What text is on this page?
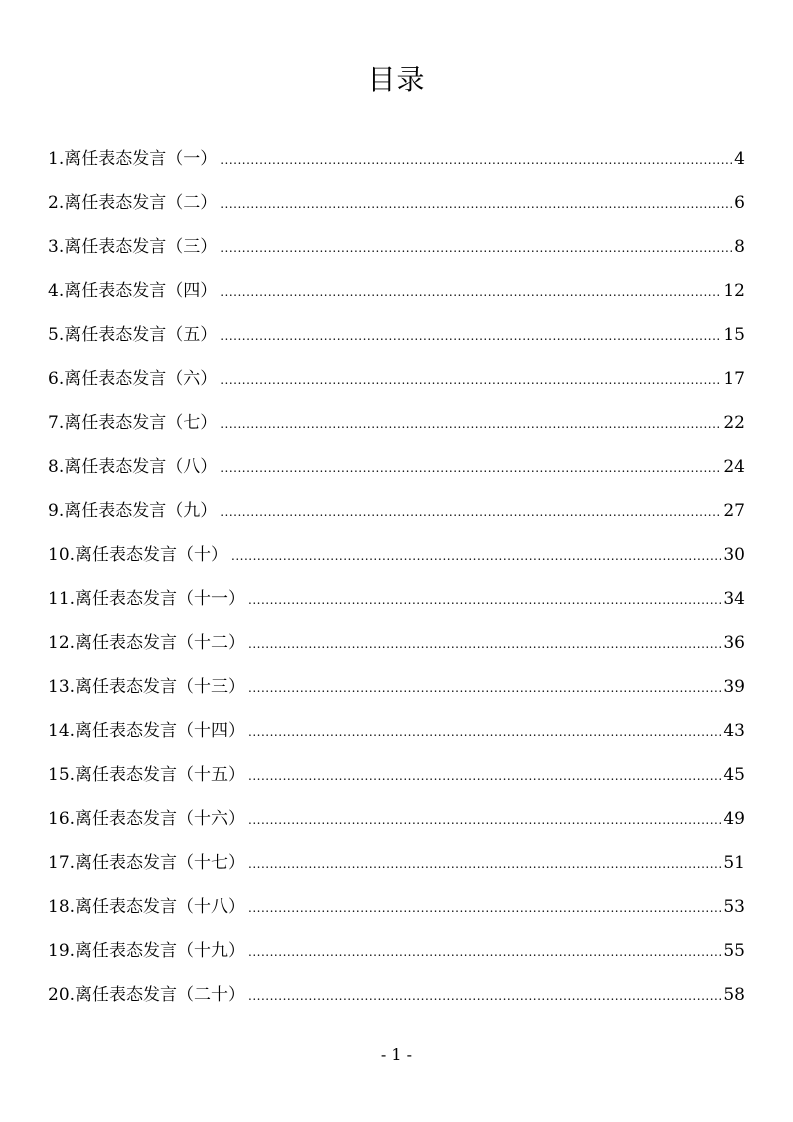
目录
1.离任表态发言（一） .....	4
2.离任表态发言（二） .....	6
3.离任表态发言（三） .....	8
4.离任表态发言（四） .....	12
5.离任表态发言（五） .....	15
6.离任表态发言（六） .....	17
7.离任表态发言（七） .....	22
8.离任表态发言（八） .....	24
9.离任表态发言（九） .....	27
10.离任表态发言（十） .....	30
11.离任表态发言（十一） .....	34
12.离任表态发言（十二） .....	36
13.离任表态发言（十三） .....	39
14.离任表态发言（十四） .....	43
15.离任表态发言（十五） .....	45
16.离任表态发言（十六） .....	49
17.离任表态发言（十七） .....	51
18.离任表态发言（十八） .....	53
19.离任表态发言（十九） .....	55
20.离任表态发言（二十） .....	58
- 1 -
